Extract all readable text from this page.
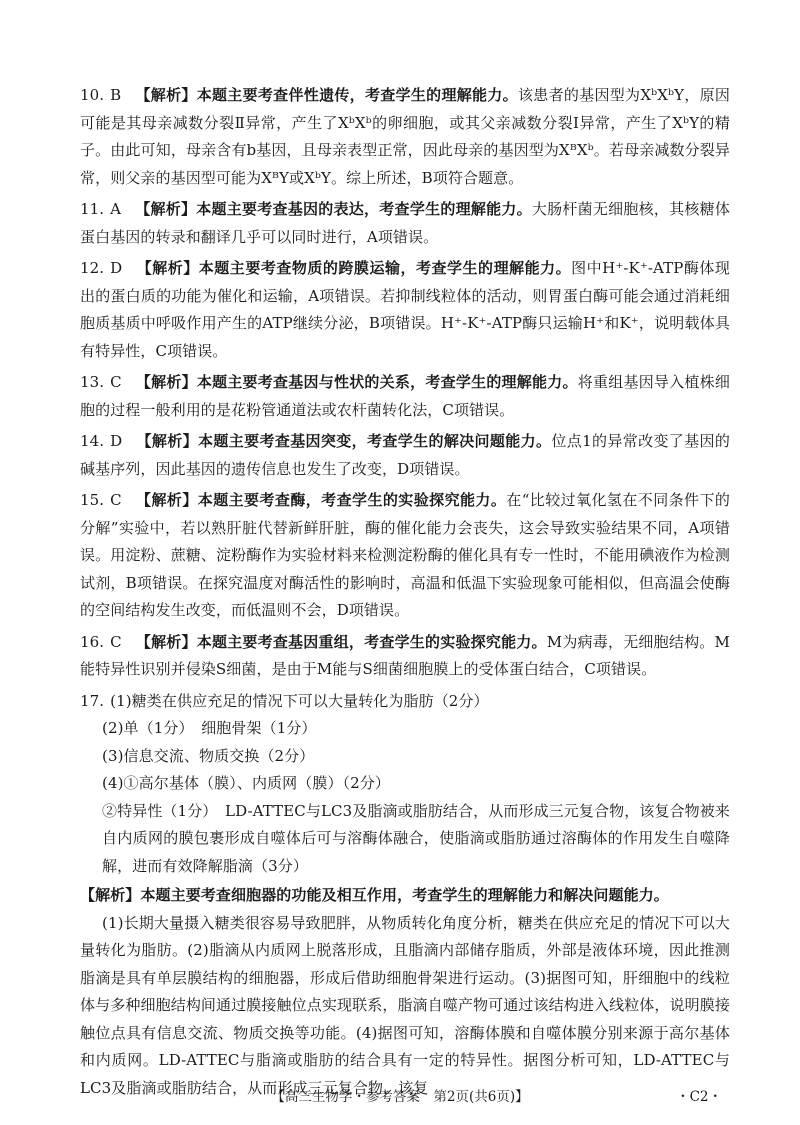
10. B 【解析】本题主要考查伴性遗传，考查学生的理解能力。该患者的基因型为XᵇXᵇY，原因可能是其母亲减数分裂Ⅱ异常，产生了XᵇXᵇ的卵细胞，或其父亲减数分裂Ⅰ异常，产生了XᵇY的精子。由此可知，母亲含有b基因，且母亲表型正常，因此母亲的基因型为XᴮXᵇ。若母亲减数分裂异常，则父亲的基因型可能为XᴮY或XᵇY。综上所述，B项符合题意。

11. A 【解析】本题主要考查基因的表达，考查学生的理解能力。大肠杆菌无细胞核，其核糖体蛋白基因的转录和翻译几乎可以同时进行，A项错误。

12. D 【解析】本题主要考查物质的跨膜运输，考查学生的理解能力。图中H⁺-K⁺-ATP酶体现出的蛋白质的功能为催化和运输，A项错误。若抑制线粒体的活动，则胃蛋白酶可能会通过消耗细胞质基质中呼吸作用产生的ATP继续分泌，B项错误。H⁺-K⁺-ATP酶只运输H⁺和K⁺，说明载体具有特异性，C项错误。

13. C 【解析】本题主要考查基因与性状的关系，考查学生的理解能力。将重组基因导入植株细胞的过程一般利用的是花粉管通道法或农杆菌转化法，C项错误。

14. D 【解析】本题主要考查基因突变，考查学生的解决问题能力。位点1的异常改变了基因的碱基序列，因此基因的遗传信息也发生了改变，D项错误。

15. C 【解析】本题主要考查酶，考查学生的实验探究能力。在“比较过氧化氢在不同条件下的分解”实验中，若以熟肝脏代替新鲜肝脏，酶的催化能力会丧失，这会导致实验结果不同，A项错误。用淀粉、蔗糖、淀粉酶作为实验材料来检测淀粉酶的催化具有专一性时，不能用碘液作为检测试剂，B项错误。在探究温度对酶活性的影响时，高温和低温下实验现象可能相似，但高温会使酶的空间结构发生改变，而低温则不会，D项错误。

16. C 【解析】本题主要考查基因重组，考查学生的实验探究能力。M为病毒，无细胞结构。M能特异性识别并侵染S细菌，是由于M能与S细菌细胞膜上的受体蛋白结合，C项错误。

17. (1)糖类在供应充足的情况下可以大量转化为脂肪（2分）

(2)单（1分）　细胞骨架（1分）

(3)信息交流、物质交换（2分）

(4)①高尔基体（膜）、内质网（膜）（2分）

②特异性（1分）　LD-ATTEC与LC3及脂滴或脂肪结合，从而形成三元复合物，该复合物被来自内质网的膜包裹形成自噬体后可与溶酶体融合，使脂滴或脂肪通过溶酶体的作用发生自噬降解，进而有效降解脂滴（3分）

【解析】本题主要考查细胞器的功能及相互作用，考查学生的理解能力和解决问题能力。

(1)长期大量摄入糖类很容易导致肥胖，从物质转化角度分析，糖类在供应充足的情况下可以大量转化为脂肪。(2)脂滴从内质网上脱落形成，且脂滴内部储存脂质，外部是液体环境，因此推测脂滴是具有单层膜结构的细胞器，形成后借助细胞骨架进行运动。(3)据图可知，肝细胞中的线粒体与多种细胞结构间通过膜接触位点实现联系，脂滴自噬产物可通过该结构进入线粒体，说明膜接触位点具有信息交流、物质交换等功能。(4)据图可知，溶酶体膜和自噬体膜分别来源于高尔基体和内质网。LD-ATTEC与脂滴或脂肪的结合具有一定的特异性。据图分析可知，LD-ATTEC与LC3及脂滴或脂肪结合，从而形成三元复合物，该复

【高三生物学・参考答案　第2页(共6页)】	・C2・
